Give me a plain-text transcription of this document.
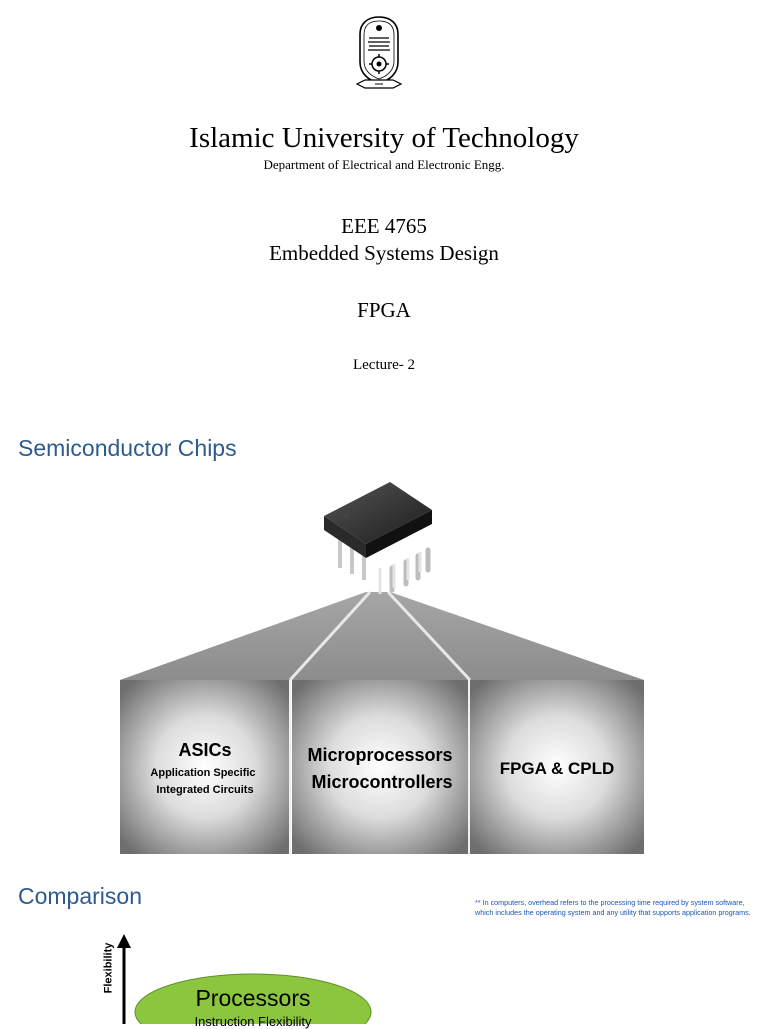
Islamic University of Technology
Department of Electrical and Electronic Engg.
EEE 4765
Embedded Systems Design
FPGA
Lecture- 2
ASICs
Application Specific
Integrated Circuits
Microprocessors
Microcontrollers
FPGA & CPLD
Semiconductor Chips
Comparison	** In computers, overhead refers to the processing time required by system software, which includes the operating system and any utility that supports application programs.
Flexibility
Processors
Instruction Flexibility
